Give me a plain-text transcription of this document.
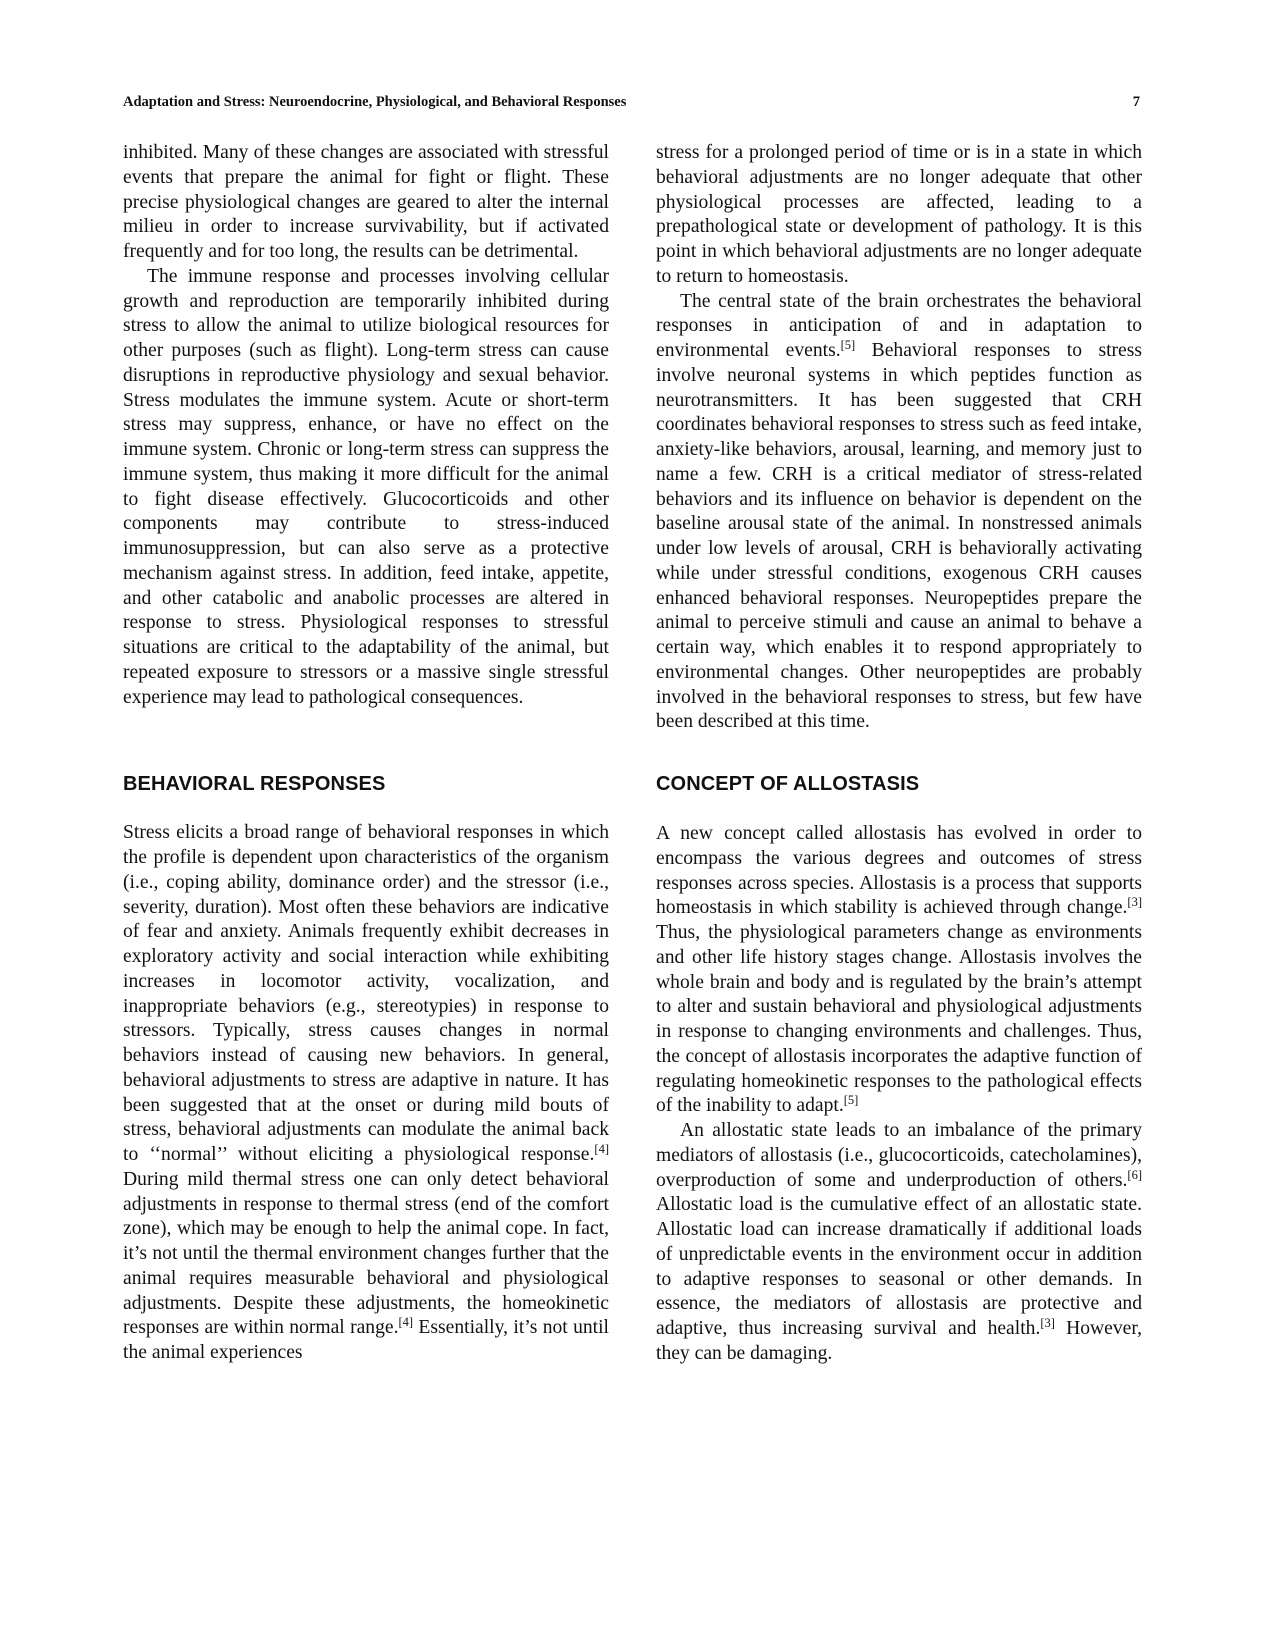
Adaptation and Stress: Neuroendocrine, Physiological, and Behavioral Responses	7

inhibited. Many of these changes are associated with stressful events that prepare the animal for fight or flight. These precise physiological changes are geared to alter the internal milieu in order to increase survivability, but if activated frequently and for too long, the results can be detrimental.

The immune response and processes involving cellular growth and reproduction are temporarily inhibited during stress to allow the animal to utilize biological resources for other purposes (such as flight). Long-term stress can cause disruptions in reproductive physiology and sexual behavior. Stress modulates the immune system. Acute or short-term stress may suppress, enhance, or have no effect on the immune system. Chronic or long-term stress can suppress the immune system, thus making it more difficult for the animal to fight disease effectively. Glucocorticoids and other components may contribute to stress-induced immunosuppression, but can also serve as a protective mechanism against stress. In addition, feed intake, appetite, and other catabolic and anabolic processes are altered in response to stress. Physiological responses to stressful situations are critical to the adaptability of the animal, but repeated exposure to stressors or a massive single stressful experience may lead to pathological consequences.

BEHAVIORAL RESPONSES

Stress elicits a broad range of behavioral responses in which the profile is dependent upon characteristics of the organism (i.e., coping ability, dominance order) and the stressor (i.e., severity, duration). Most often these behaviors are indicative of fear and anxiety. Animals frequently exhibit decreases in exploratory activity and social interaction while exhibiting increases in locomotor activity, vocalization, and inappropriate behaviors (e.g., stereotypies) in response to stressors. Typically, stress causes changes in normal behaviors instead of causing new behaviors. In general, behavioral adjustments to stress are adaptive in nature. It has been suggested that at the onset or during mild bouts of stress, behavioral adjustments can modulate the animal back to ‘‘normal’’ without eliciting a physiological response.[4] During mild thermal stress one can only detect behavioral adjustments in response to thermal stress (end of the comfort zone), which may be enough to help the animal cope. In fact, it’s not until the thermal environment changes further that the animal requires measurable behavioral and physiological adjustments. Despite these adjustments, the homeokinetic responses are within normal range.[4] Essentially, it’s not until the animal experiences

stress for a prolonged period of time or is in a state in which behavioral adjustments are no longer adequate that other physiological processes are affected, leading to a prepathological state or development of pathology. It is this point in which behavioral adjustments are no longer adequate to return to homeostasis.

The central state of the brain orchestrates the behavioral responses in anticipation of and in adaptation to environmental events.[5] Behavioral responses to stress involve neuronal systems in which peptides function as neurotransmitters. It has been suggested that CRH coordinates behavioral responses to stress such as feed intake, anxiety-like behaviors, arousal, learning, and memory just to name a few. CRH is a critical mediator of stress-related behaviors and its influence on behavior is dependent on the baseline arousal state of the animal. In nonstressed animals under low levels of arousal, CRH is behaviorally activating while under stressful conditions, exogenous CRH causes enhanced behavioral responses. Neuropeptides prepare the animal to perceive stimuli and cause an animal to behave a certain way, which enables it to respond appropriately to environmental changes. Other neuropeptides are probably involved in the behavioral responses to stress, but few have been described at this time.

CONCEPT OF ALLOSTASIS

A new concept called allostasis has evolved in order to encompass the various degrees and outcomes of stress responses across species. Allostasis is a process that supports homeostasis in which stability is achieved through change.[3] Thus, the physiological parameters change as environments and other life history stages change. Allostasis involves the whole brain and body and is regulated by the brain’s attempt to alter and sustain behavioral and physiological adjustments in response to changing environments and challenges. Thus, the concept of allostasis incorporates the adaptive function of regulating homeokinetic responses to the pathological effects of the inability to adapt.[5]

An allostatic state leads to an imbalance of the primary mediators of allostasis (i.e., glucocorticoids, catecholamines), overproduction of some and underproduction of others.[6] Allostatic load is the cumulative effect of an allostatic state. Allostatic load can increase dramatically if additional loads of unpredictable events in the environment occur in addition to adaptive responses to seasonal or other demands. In essence, the mediators of allostasis are protective and adaptive, thus increasing survival and health.[3] However, they can be damaging.
